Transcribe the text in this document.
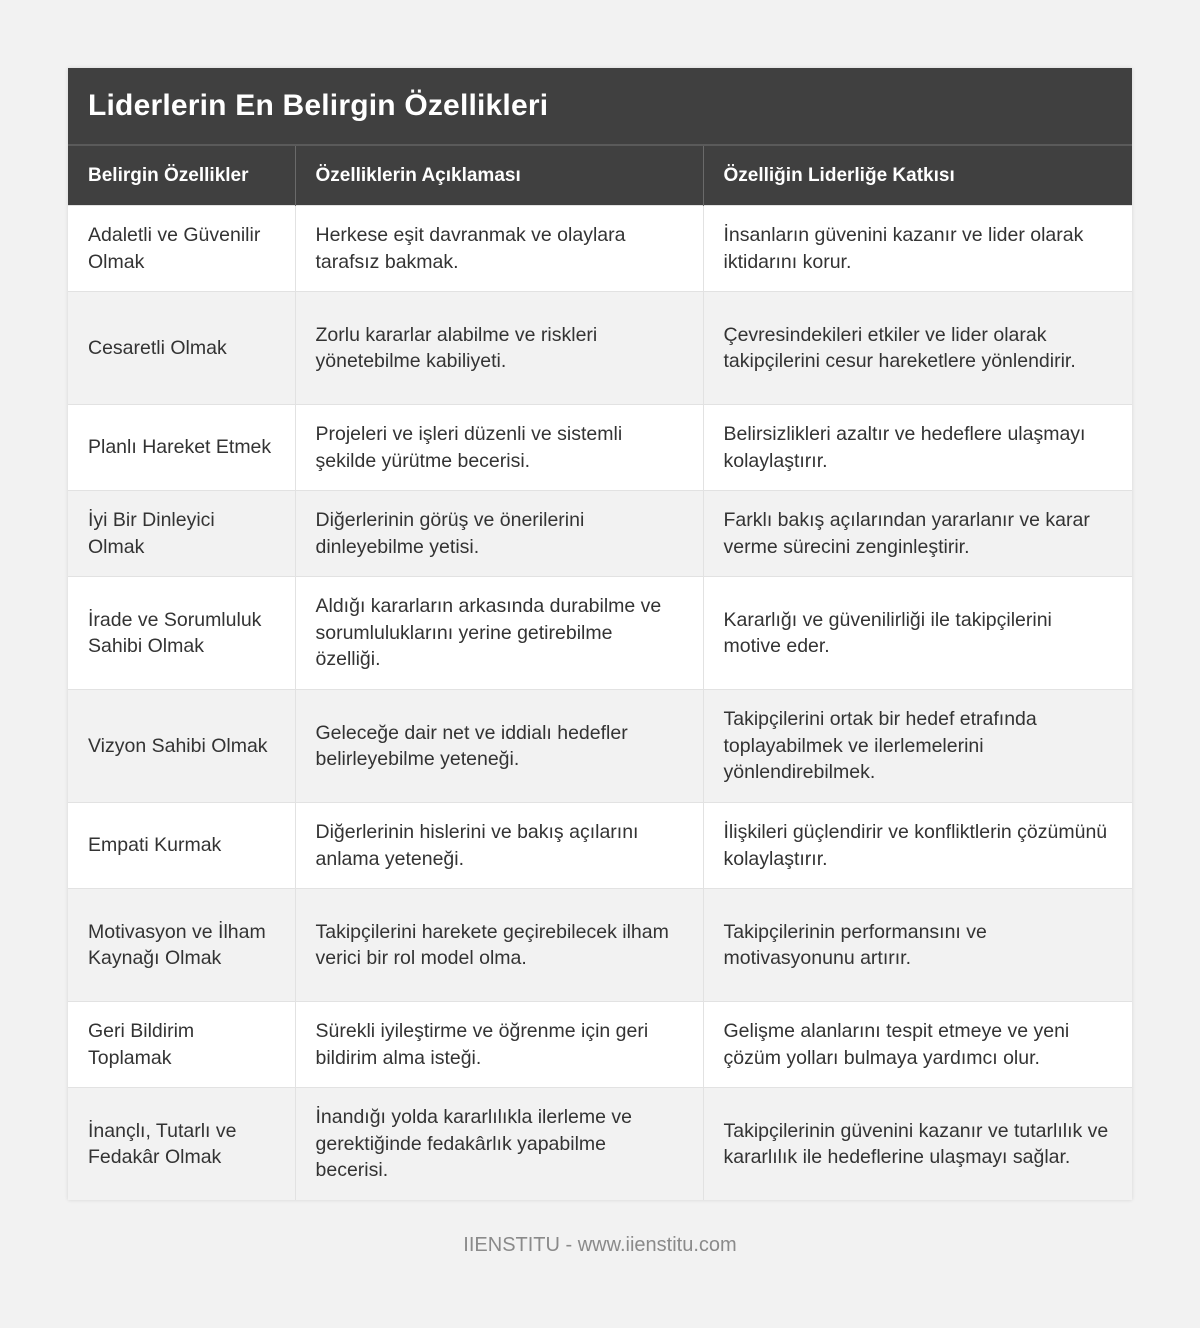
Liderlerin En Belirgin Özellikleri
Belirgin Özellikler	Özelliklerin Açıklaması	Özelliğin Liderliğe Katkısı
Adaletli ve Güvenilir Olmak	Herkese eşit davranmak ve olaylara tarafsız bakmak.	İnsanların güvenini kazanır ve lider olarak iktidarını korur.
Cesaretli Olmak	Zorlu kararlar alabilme ve riskleri yönetebilme kabiliyeti.	Çevresindekileri etkiler ve lider olarak takipçilerini cesur hareketlere yönlendirir.
Planlı Hareket Etmek	Projeleri ve işleri düzenli ve sistemli şekilde yürütme becerisi.	Belirsizlikleri azaltır ve hedeflere ulaşmayı kolaylaştırır.
İyi Bir Dinleyici Olmak	Diğerlerinin görüş ve önerilerini dinleyebilme yetisi.	Farklı bakış açılarından yararlanır ve karar verme sürecini zenginleştirir.
İrade ve Sorumluluk Sahibi Olmak	Aldığı kararların arkasında durabilme ve sorumluluklarını yerine getirebilme özelliği.	Kararlığı ve güvenilirliği ile takipçilerini motive eder.
Vizyon Sahibi Olmak	Geleceğe dair net ve iddialı hedefler belirleyebilme yeteneği.	Takipçilerini ortak bir hedef etrafında toplayabilmek ve ilerlemelerini yönlendirebilmek.
Empati Kurmak	Diğerlerinin hislerini ve bakış açılarını anlama yeteneği.	İlişkileri güçlendirir ve konfliktlerin çözümünü kolaylaştırır.
Motivasyon ve İlham Kaynağı Olmak	Takipçilerini harekete geçirebilecek ilham verici bir rol model olma.	Takipçilerinin performansını ve motivasyonunu artırır.
Geri Bildirim Toplamak	Sürekli iyileştirme ve öğrenme için geri bildirim alma isteği.	Gelişme alanlarını tespit etmeye ve yeni çözüm yolları bulmaya yardımcı olur.
İnançlı, Tutarlı ve Fedakâr Olmak	İnandığı yolda kararlılıkla ilerleme ve gerektiğinde fedakârlık yapabilme becerisi.	Takipçilerinin güvenini kazanır ve tutarlılık ve kararlılık ile hedeflerine ulaşmayı sağlar.
IIENSTITU - www.iienstitu.com
